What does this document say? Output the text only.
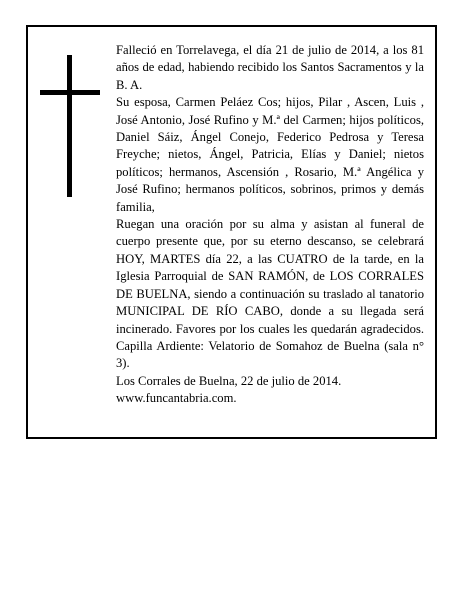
Falleció en Torrelavega, el día 21 de julio de 2014, a los 81 años de edad, habiendo recibido los Santos Sacramentos y la B. A.

Su esposa, Carmen Peláez Cos; hijos, Pilar , Ascen, Luis , José Antonio, José Rufino y M.ª del Carmen; hijos políticos, Daniel Sáiz, Ángel Conejo, Federico Pedrosa y Teresa Freyche; nietos, Ángel, Patricia, Elías y Daniel; nietos políticos; hermanos, Ascensión , Rosario, M.ª Angélica y José Rufino; hermanos políticos, sobrinos, primos y demás familia,

Ruegan una oración por su alma y asistan al funeral de cuerpo presente que, por su eterno descanso, se celebrará HOY, MARTES día 22, a las CUATRO de la tarde, en la Iglesia Parroquial de SAN RAMÓN, de LOS CORRALES DE BUELNA, siendo a continuación su traslado al tanatorio MUNICIPAL DE RÍO CABO, donde a su llegada será incinerado. Favores por los cuales les quedarán agradecidos. Capilla Ardiente: Velatorio de Somahoz de Buelna (sala n° 3).

Los Corrales de Buelna, 22 de julio de 2014.

www.funcantabria.com.
